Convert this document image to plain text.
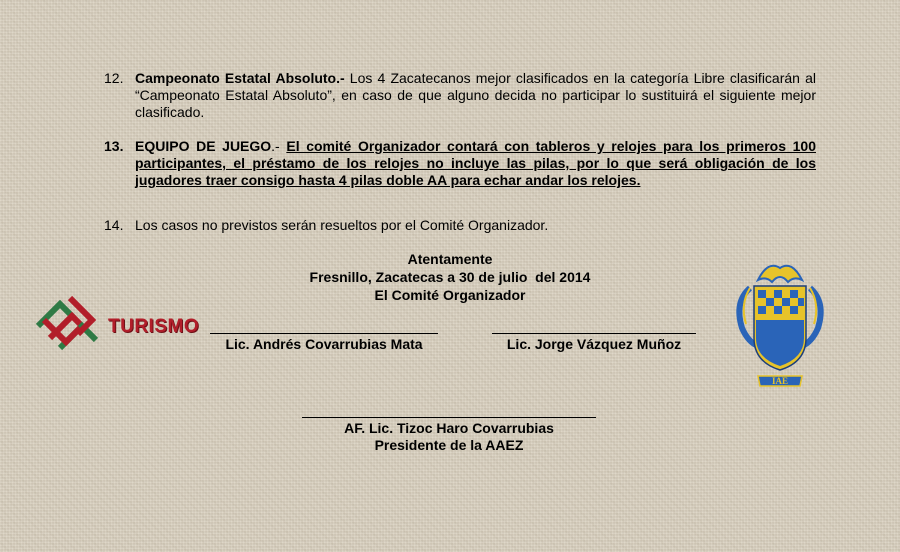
12. Campeonato Estatal Absoluto.- Los 4 Zacatecanos mejor clasificados en la categoría Libre clasificarán al “Campeonato Estatal Absoluto”, en caso de que alguno decida no participar lo sustituirá el siguiente mejor clasificado.
13. EQUIPO DE JUEGO.- El comité Organizador contará con tableros y relojes para los primeros 100 participantes, el préstamo de los relojes no incluye las pilas, por lo que será obligación de los jugadores traer consigo hasta 4 pilas doble AA para echar andar los relojes.
14. Los casos no previstos serán resueltos por el Comité Organizador.
Atentamente
Fresnillo, Zacatecas a 30 de julio  del 2014
El Comité Organizador
Lic. Andrés Covarrubias Mata	Lic. Jorge Vázquez Muñoz
AF. Lic. Tizoc Haro Covarrubias
Presidente de la AAEZ
TURISMO
IAE
